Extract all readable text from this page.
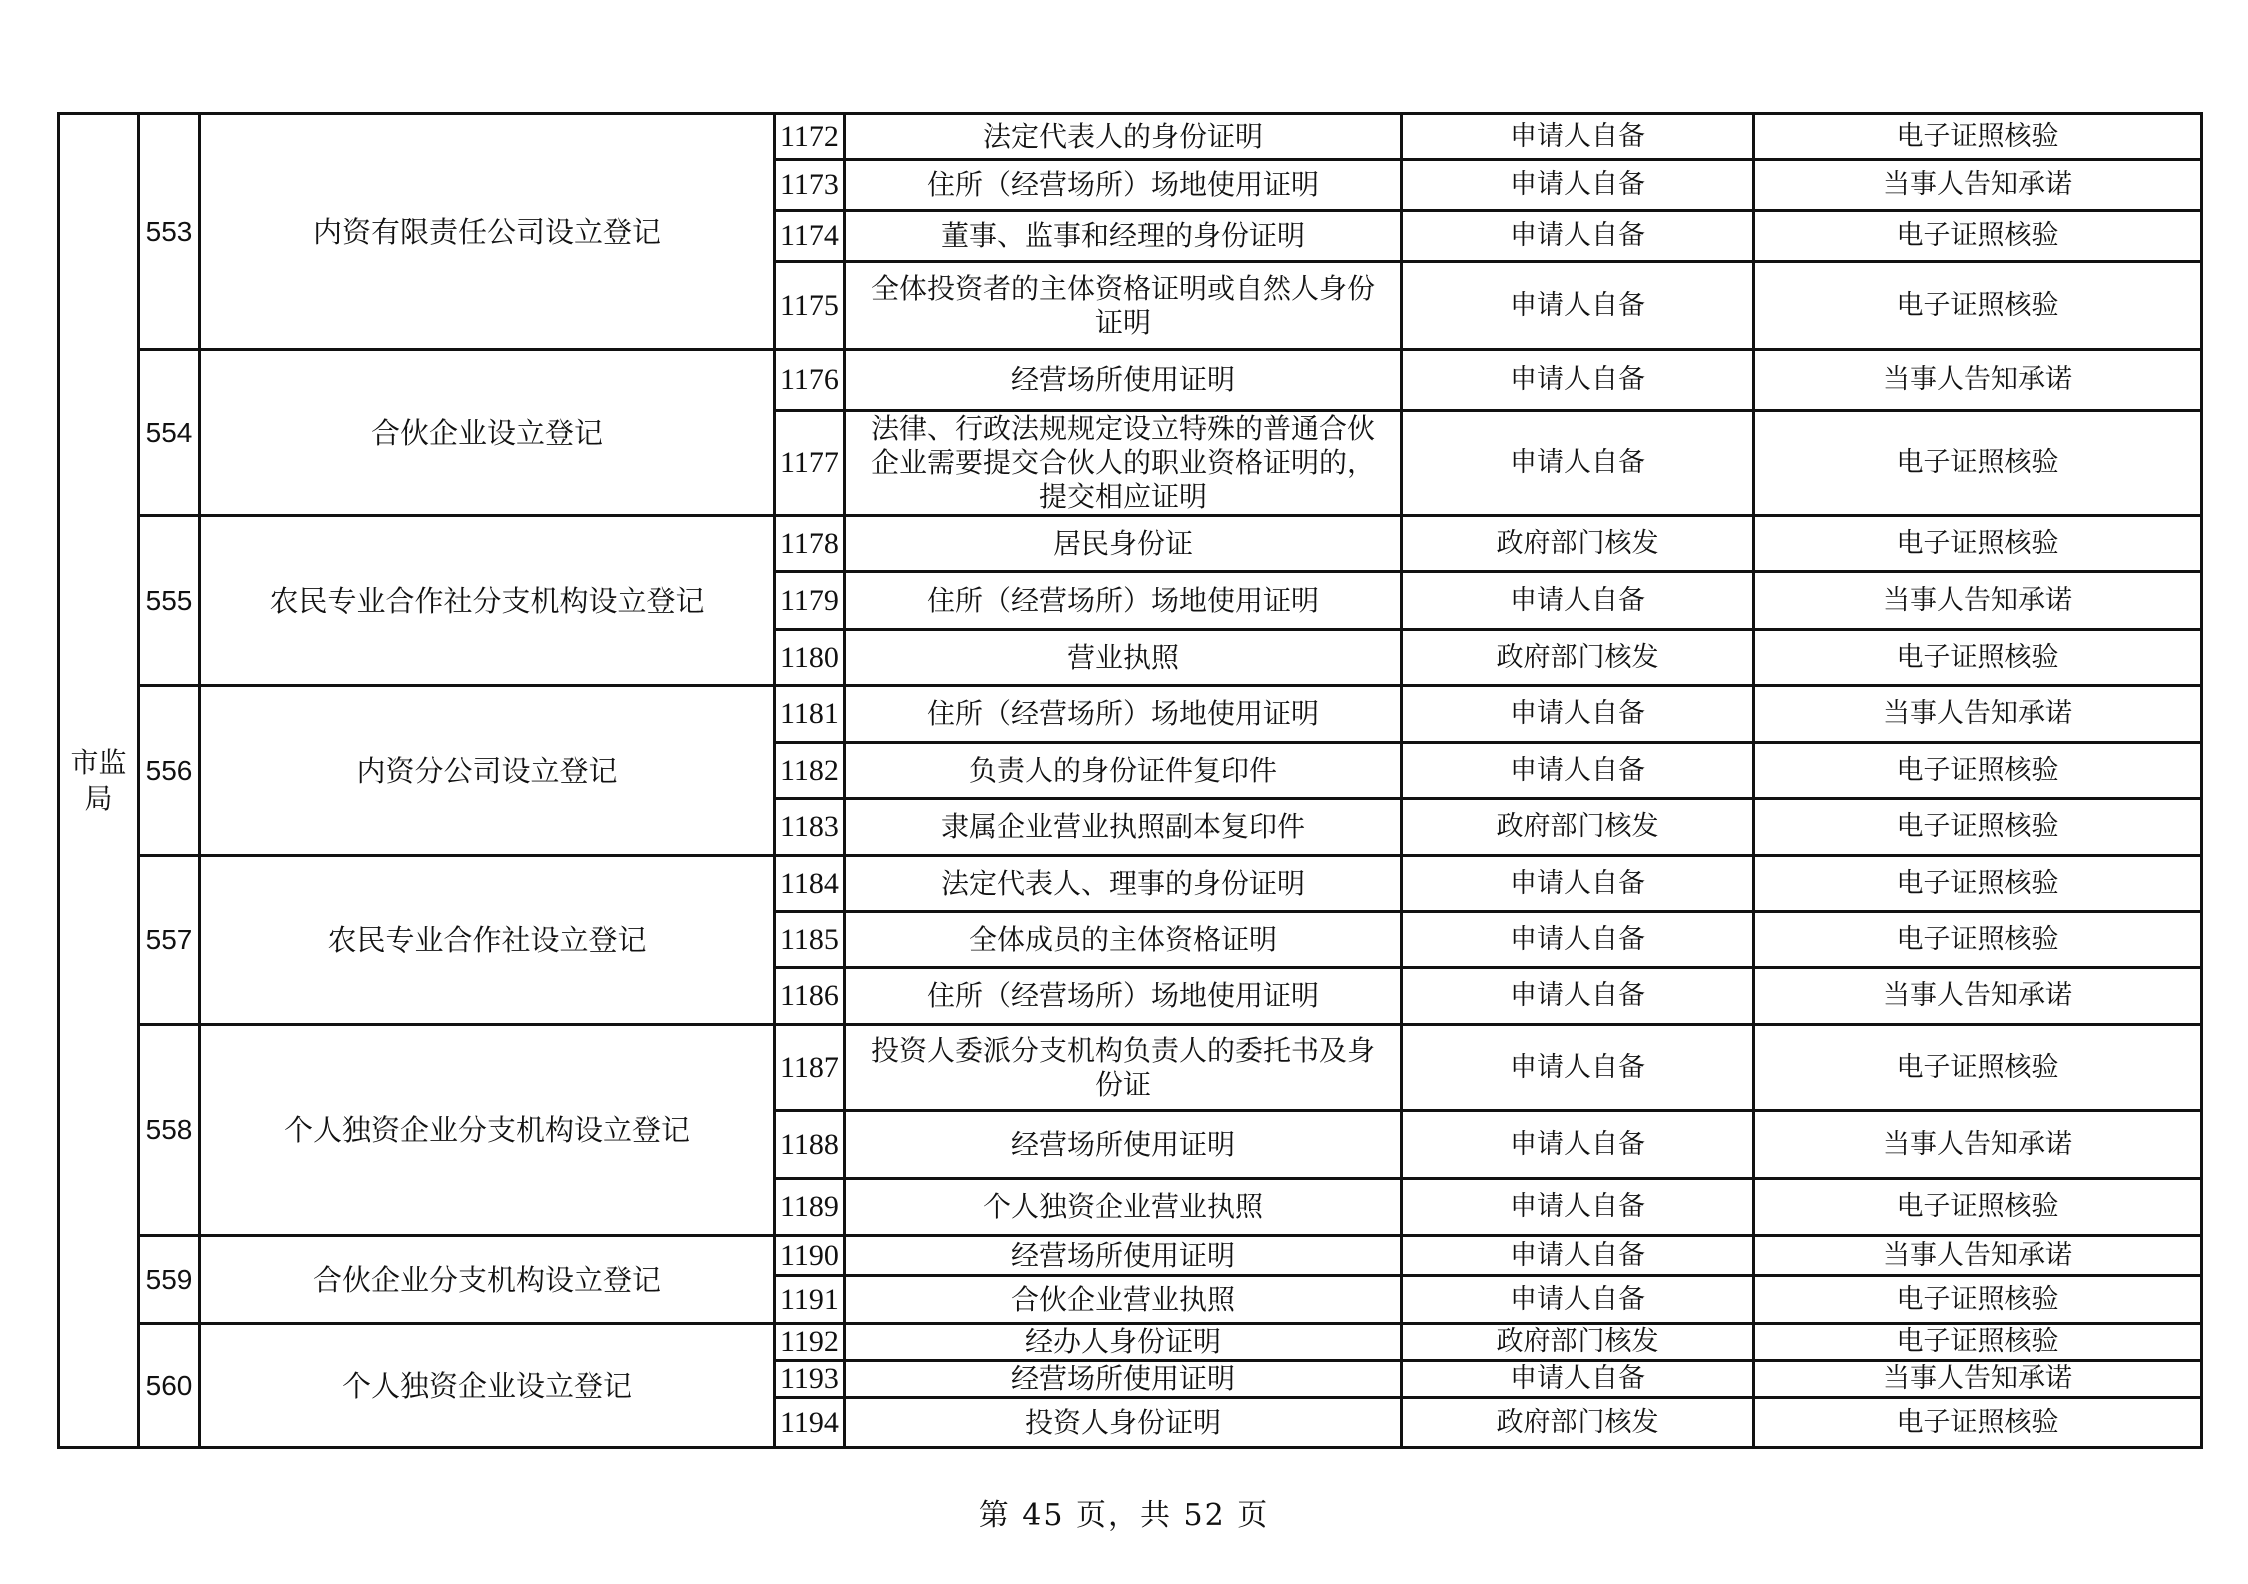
市监局	553	内资有限责任公司设立登记	1172	法定代表人的身份证明	申请人自备	电子证照核验
			1173	住所（经营场所）场地使用证明	申请人自备	当事人告知承诺
			1174	董事、监事和经理的身份证明	申请人自备	电子证照核验
			1175	全体投资者的主体资格证明或自然人身份证明	申请人自备	电子证照核验
	554	合伙企业设立登记	1176	经营场所使用证明	申请人自备	当事人告知承诺
			1177	法律、行政法规规定设立特殊的普通合伙企业需要提交合伙人的职业资格证明的，提交相应证明	申请人自备	电子证照核验
	555	农民专业合作社分支机构设立登记	1178	居民身份证	政府部门核发	电子证照核验
			1179	住所（经营场所）场地使用证明	申请人自备	当事人告知承诺
			1180	营业执照	政府部门核发	电子证照核验
	556	内资分公司设立登记	1181	住所（经营场所）场地使用证明	申请人自备	当事人告知承诺
			1182	负责人的身份证件复印件	申请人自备	电子证照核验
			1183	隶属企业营业执照副本复印件	政府部门核发	电子证照核验
	557	农民专业合作社设立登记	1184	法定代表人、理事的身份证明	申请人自备	电子证照核验
			1185	全体成员的主体资格证明	申请人自备	电子证照核验
			1186	住所（经营场所）场地使用证明	申请人自备	当事人告知承诺
	558	个人独资企业分支机构设立登记	1187	投资人委派分支机构负责人的委托书及身份证	申请人自备	电子证照核验
			1188	经营场所使用证明	申请人自备	当事人告知承诺
			1189	个人独资企业营业执照	申请人自备	电子证照核验
	559	合伙企业分支机构设立登记	1190	经营场所使用证明	申请人自备	当事人告知承诺
			1191	合伙企业营业执照	申请人自备	电子证照核验
	560	个人独资企业设立登记	1192	经办人身份证明	政府部门核发	电子证照核验
			1193	经营场所使用证明	申请人自备	当事人告知承诺
			1194	投资人身份证明	政府部门核发	电子证照核验
第 45 页，共 52 页
